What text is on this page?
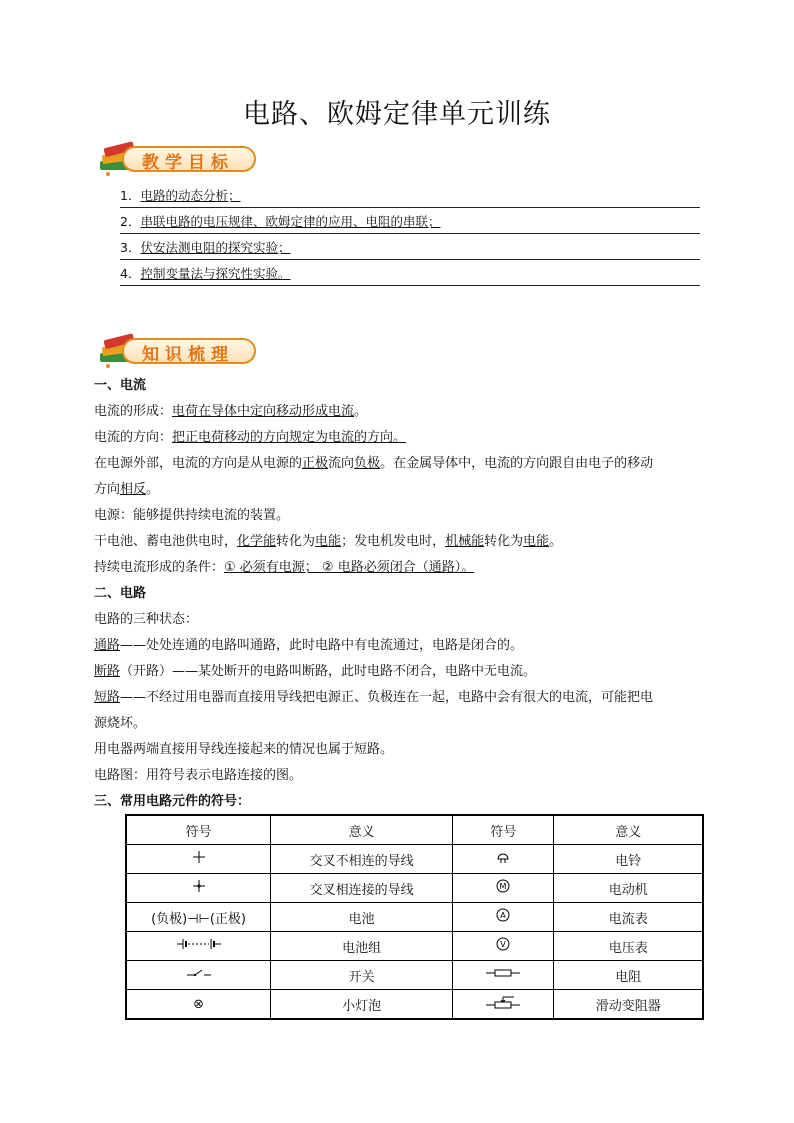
电路、欧姆定律单元训练
教学目标
1．电路的动态分析；
2．串联电路的电压规律、欧姆定律的应用、电阻的串联；
3．伏安法测电阻的探究实验；
4．控制变量法与探究性实验。
知识梳理
一、电流
电流的形成：电荷在导体中定向移动形成电流。
电流的方向：把正电荷移动的方向规定为电流的方向。
在电源外部，电流的方向是从电源的正极流向负极。在金属导体中，电流的方向跟自由电子的移动
方向相反。
电源：能够提供持续电流的装置。
干电池、蓄电池供电时，化学能转化为电能；发电机发电时，机械能转化为电能。
持续电流形成的条件：① 必须有电源； ② 电路必须闭合（通路）。
二、电路
电路的三种状态：
通路——处处连通的电路叫通路，此时电路中有电流通过，电路是闭合的。
断路（开路）——某处断开的电路叫断路，此时电路不闭合，电路中无电流。
短路——不经过用电器而直接用导线把电源正、负极连在一起，电路中会有很大的电流，可能把电
源烧坏。
用电器两端直接用导线连接起来的情况也属于短路。
电路图：用符号表示电路连接的图。
三、常用电路元件的符号：
符号	意义	符号	意义
	交叉不相连的导线		电铃
	交叉相连接的导线	M	电动机
(负极)⊣⊢(正极)	电池	A	电流表
	电池组	V	电压表
	开关		电阻
⊗	小灯泡		滑动变阻器
